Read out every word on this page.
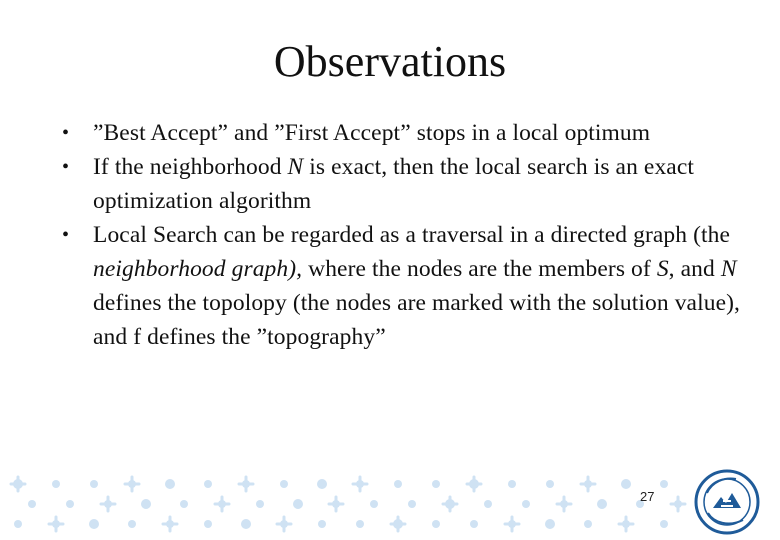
Observations
• ”Best Accept” and ”First Accept” stops in a local optimum
• If the neighborhood N is exact, then the local search is an exact optimization algorithm
• Local Search can be regarded as a traversal in a directed graph (the neighborhood graph), where the nodes are the members of S, and N defines the topolopy (the nodes are marked with the solution value), and f defines the ”topography”
27
